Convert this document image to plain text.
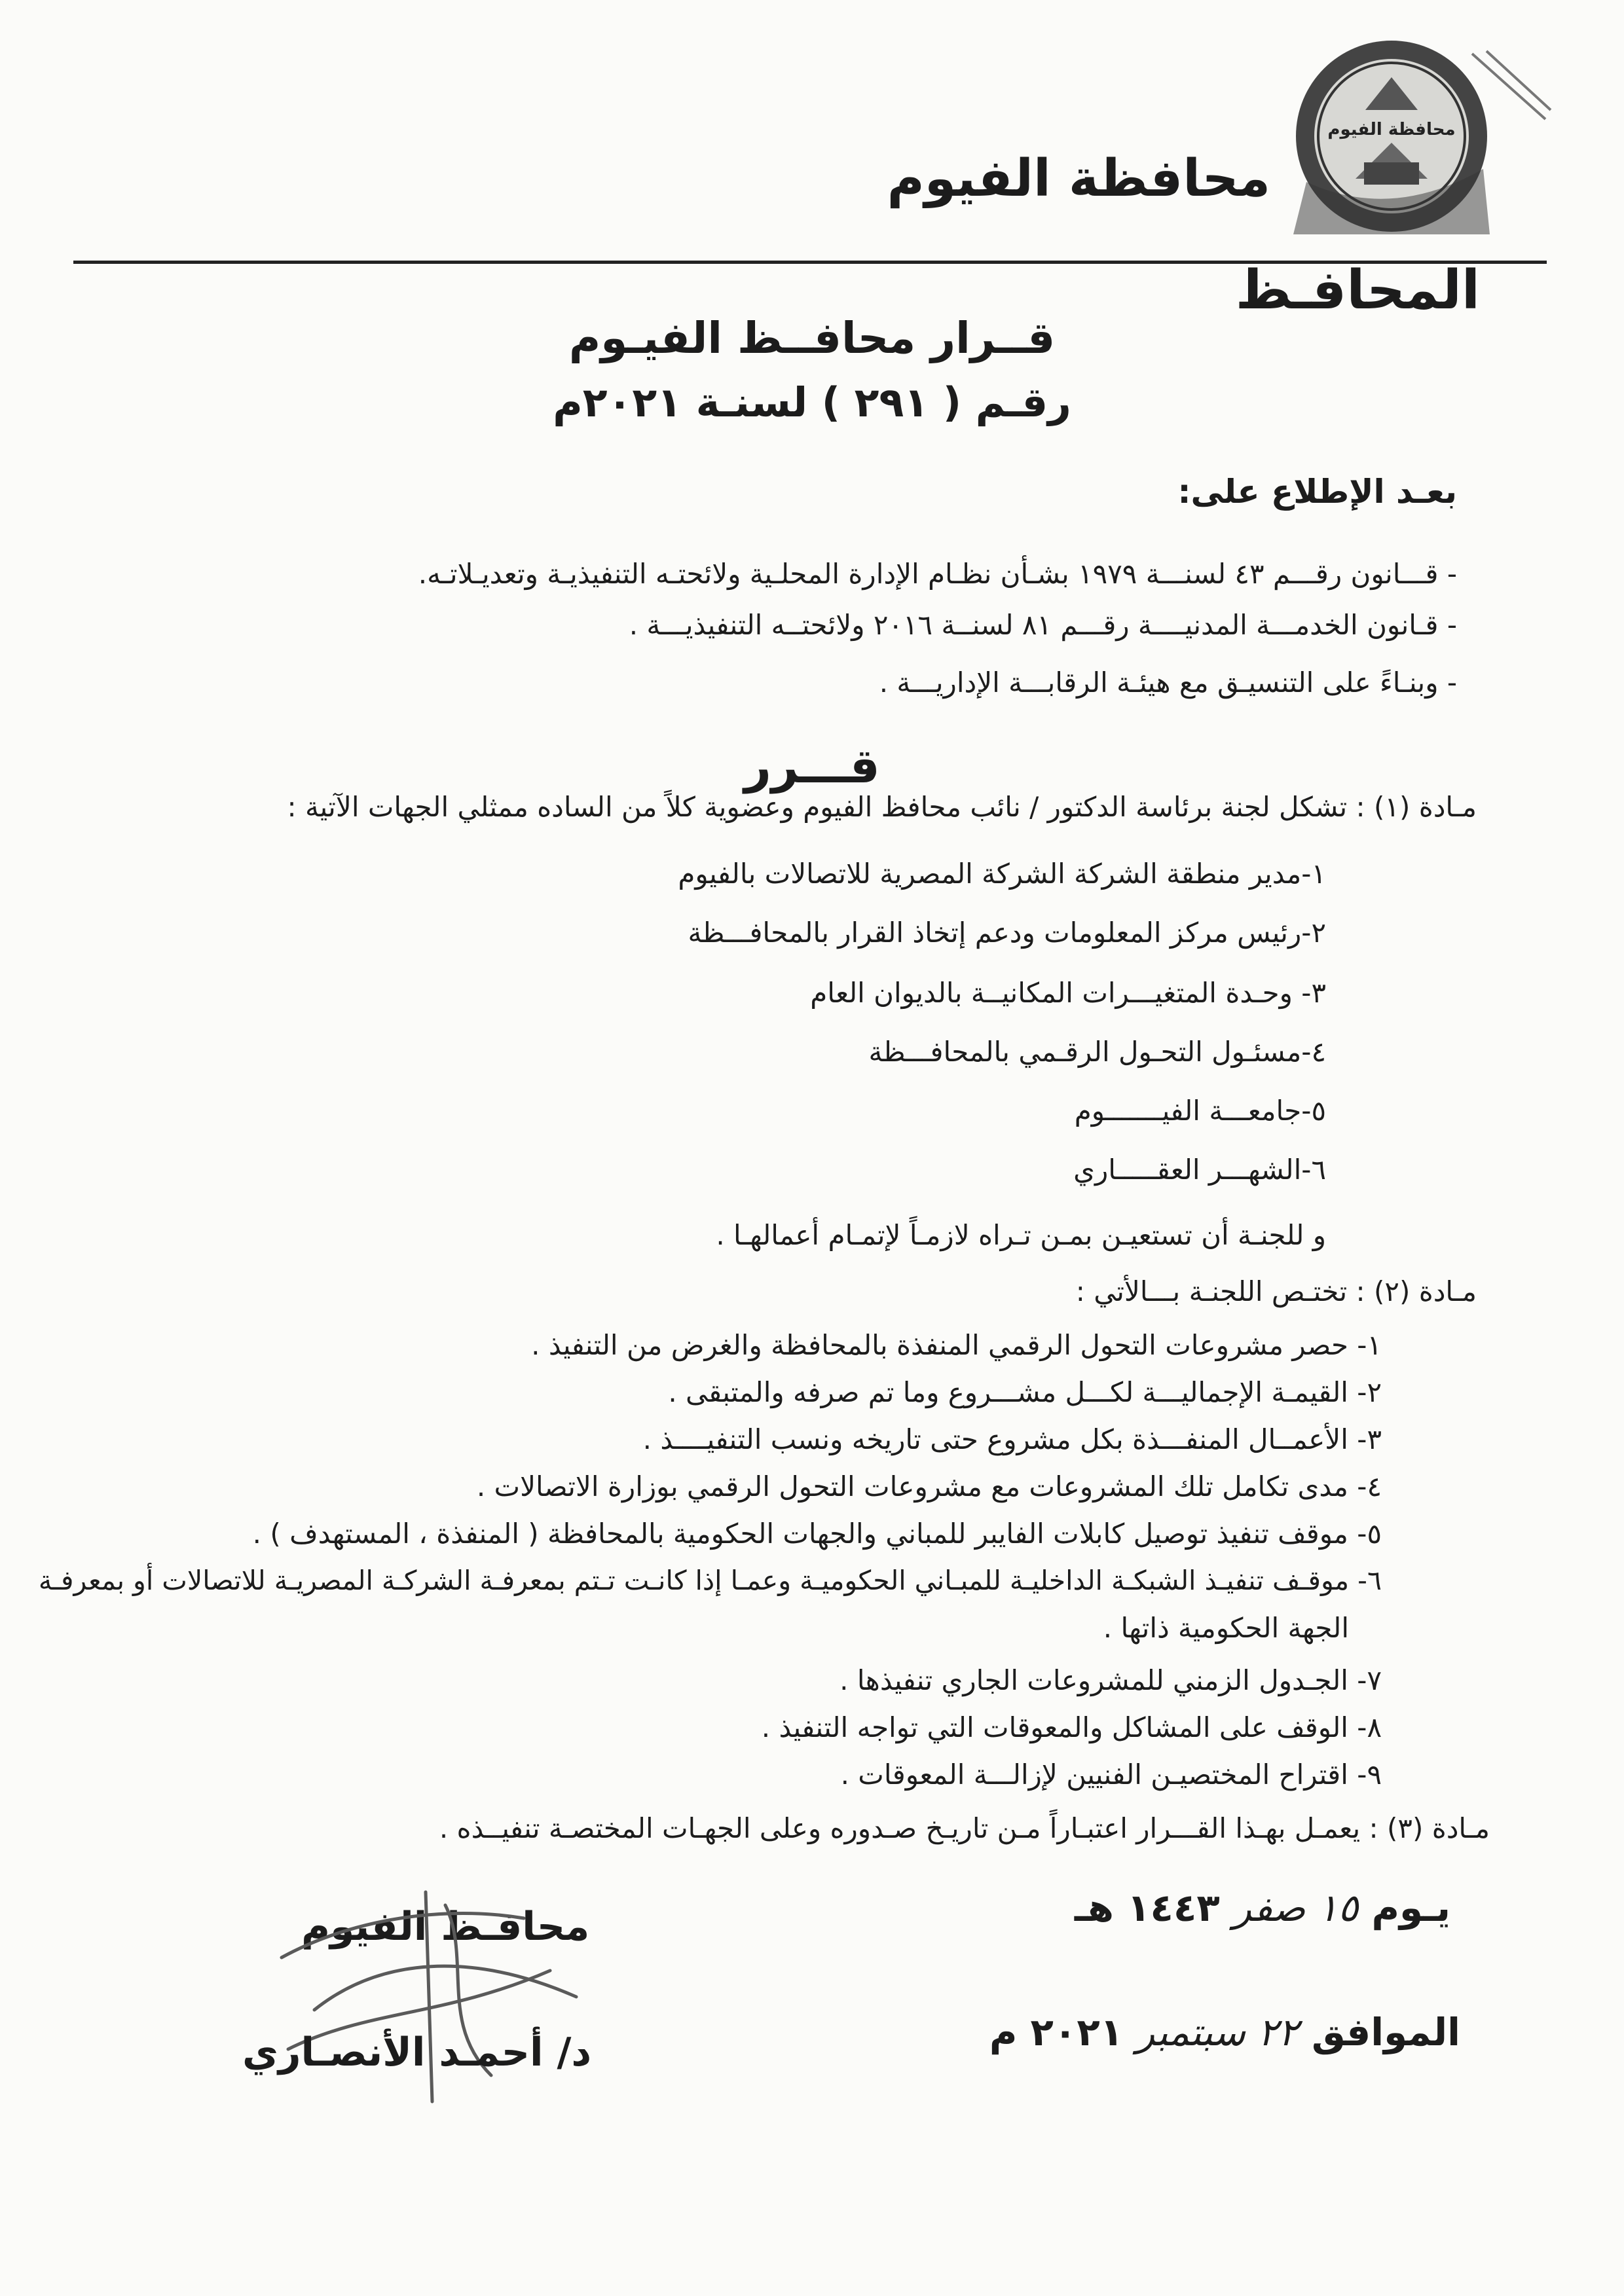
محافظة الفيوم
محافظة الفيوم
المحافـظ
قــرار محافــظ الفيـوم
رقـم ( ٢٩١ ) لسنـة ٢٠٢١م
بعـد الإطلاع على:
- قـــانون رقـــم ٤٣ لسنـــة ١٩٧٩ بشـأن نظـام الإدارة المحلـية ولائحتـه التنفيذيـة وتعديـلاتـه.
- قـانون الخدمـــة المدنيــــة رقـــم ٨١ لسنــة ٢٠١٦ ولائحتــه التنفيذيـــة .
- وبنـاءً على التنسيـق مع هيئـة الرقابـــة الإداريـــة .
قـــرر
مـادة (١) : تشكل لجنة برئاسة الدكتور / نائب محافظ الفيوم وعضوية كلاً من الساده ممثلي الجهات الآتية :
١-مدير منطقة الشركة الشركة المصرية للاتصالات بالفيوم
٢-رئيس مركز المعلومات ودعم إتخاذ القرار بالمحافـــظة
٣- وحـدة المتغيـــرات المكانيــة بالديوان العام
٤-مسئـول التحـول الرقـمي بالمحافـــظة
٥-جامعـــة الفيـــــــوم
٦-الشهـــر العقـــــاري
و للجنـة أن تستعيـن بمـن تـراه لازمـاً لإتمـام أعمالهـا .
مـادة (٢) : تختـص اللجنـة بـــالأتي :
١- حصر مشروعات التحول الرقمي المنفذة بالمحافظة والغرض من التنفيذ .
٢- القيمـة الإجماليـــة لكـــل مشـــروع وما تم صرفه والمتبقى .
٣- الأعمــال المنفـــذة بكل مشروع حتى تاريخه ونسب التنفيــــذ .
٤- مدى تكامل تلك المشروعات مع مشروعات التحول الرقمي بوزارة الاتصالات .
٥- موقف تنفيذ توصيل كابلات الفايبر للمباني والجهات الحكومية بالمحافظة ( المنفذة ، المستهدف ) .
٦- موقـف تنفيـذ الشبكـة الداخليـة للمبـاني الحكوميـة وعمـا إذا كانـت تـتم بمعرفـة الشركـة المصريـة للاتصالات أو بمعرفـة
الجهة الحكومية ذاتها .
٧- الجـدول الزمني للمشروعات الجاري تنفيذها .
٨- الوقف على المشاكل والمعوقات التي تواجه التنفيذ .
٩- اقتراح المختصيـن الفنيين لإزالـــة المعوقات .
مـادة (٣) : يعمـل بهـذا القـــرار اعتبـاراً مـن تاريـخ صـدوره وعلى الجهـات المختصـة تنفيــذه .
يـوم ١٥ صفر ١٤٤٣ هـ
الموافق ٢٢ سبتمبر ٢٠٢١ م
محافـظ الفيوم
د/ أحمـد الأنصـاري
